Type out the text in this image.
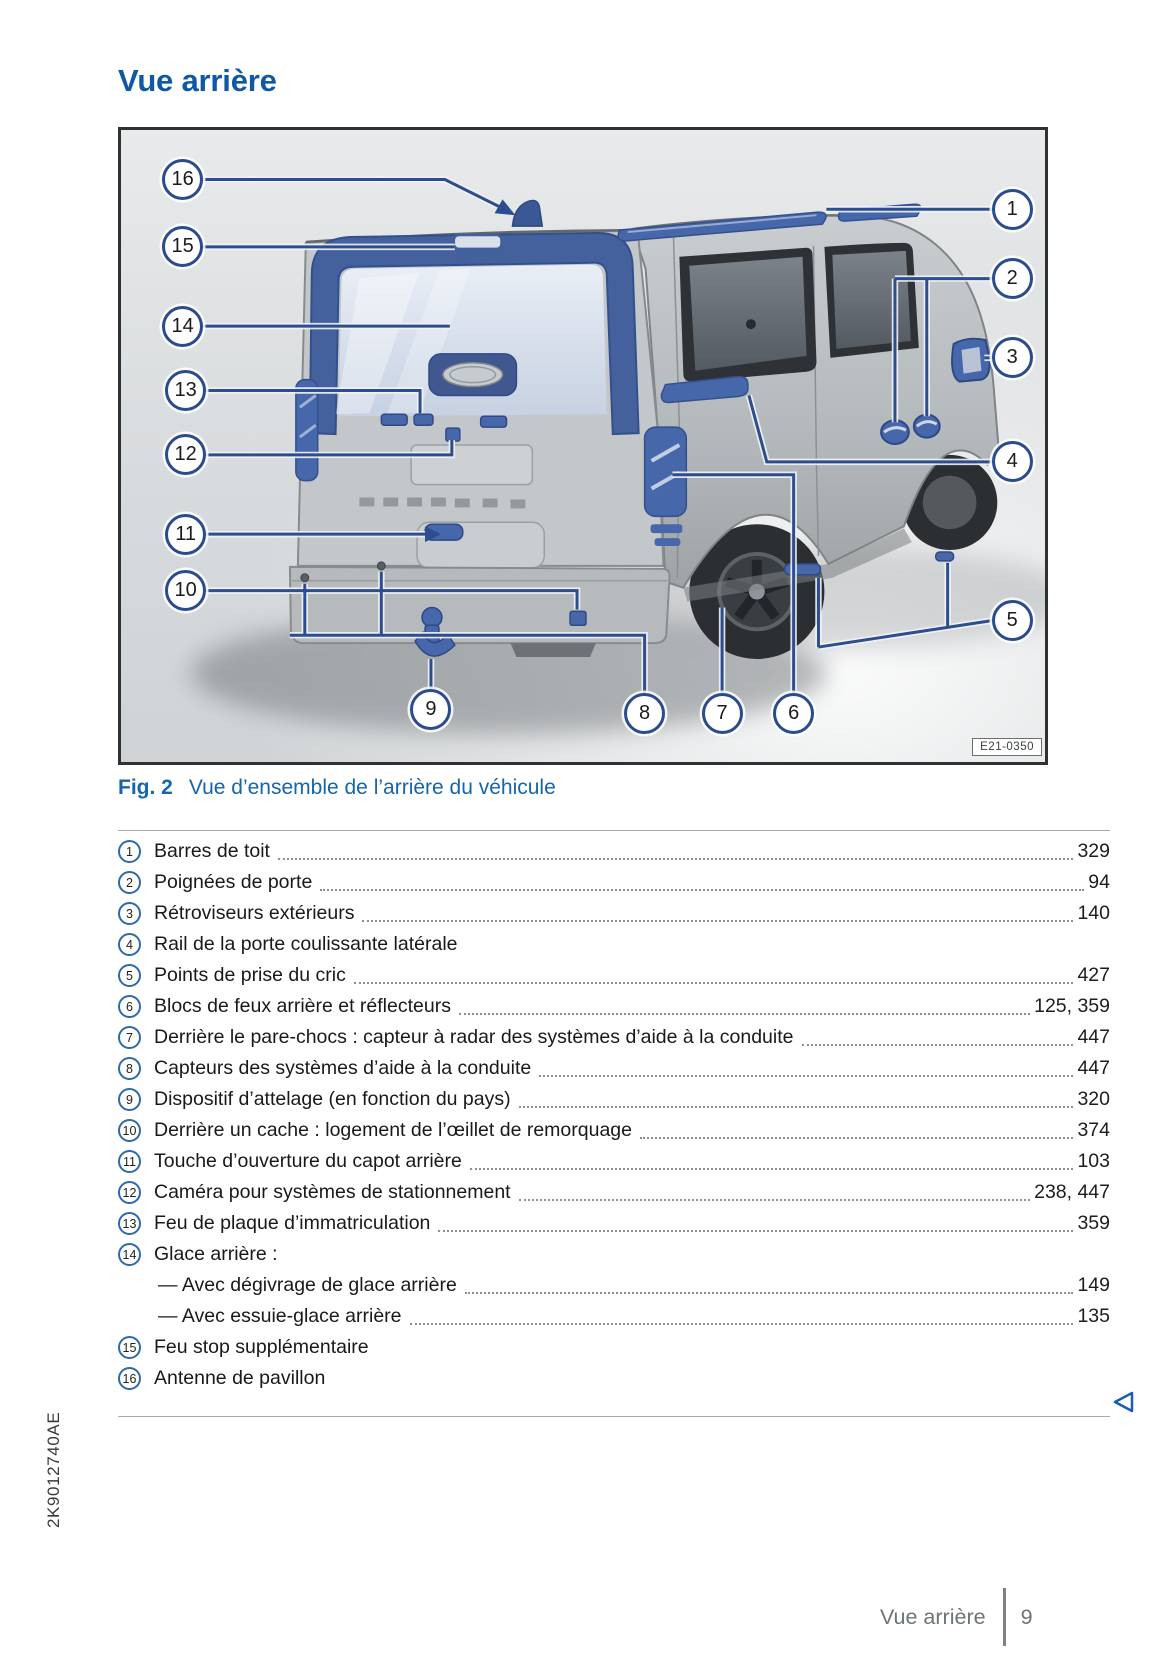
Vue arrière
16
15
14
13
12
11
10
9	8	7	6
1
2
3
4
5
E21-0350
Fig. 2 Vue d’ensemble de l’arrière du véhicule
1	Barres de toit	329
2	Poignées de porte	94
3	Rétroviseurs extérieurs	140
4	Rail de la porte coulissante latérale
5	Points de prise du cric	427
6	Blocs de feux arrière et réflecteurs	125, 359
7	Derrière le pare-chocs : capteur à radar des systèmes d’aide à la conduite	447
8	Capteurs des systèmes d’aide à la conduite	447
9	Dispositif d’attelage (en fonction du pays)	320
10 Derrière un cache : logement de l’œillet de remorquage	374
11 Touche d’ouverture du capot arrière	103
12 Caméra pour systèmes de stationnement	238, 447
13 Feu de plaque d’immatriculation	359
14 Glace arrière :
— Avec dégivrage de glace arrière	149
— Avec essuie-glace arrière	135
15 Feu stop supplémentaire
16 Antenne de pavillon
2K9012740AE
Vue arrière 9
